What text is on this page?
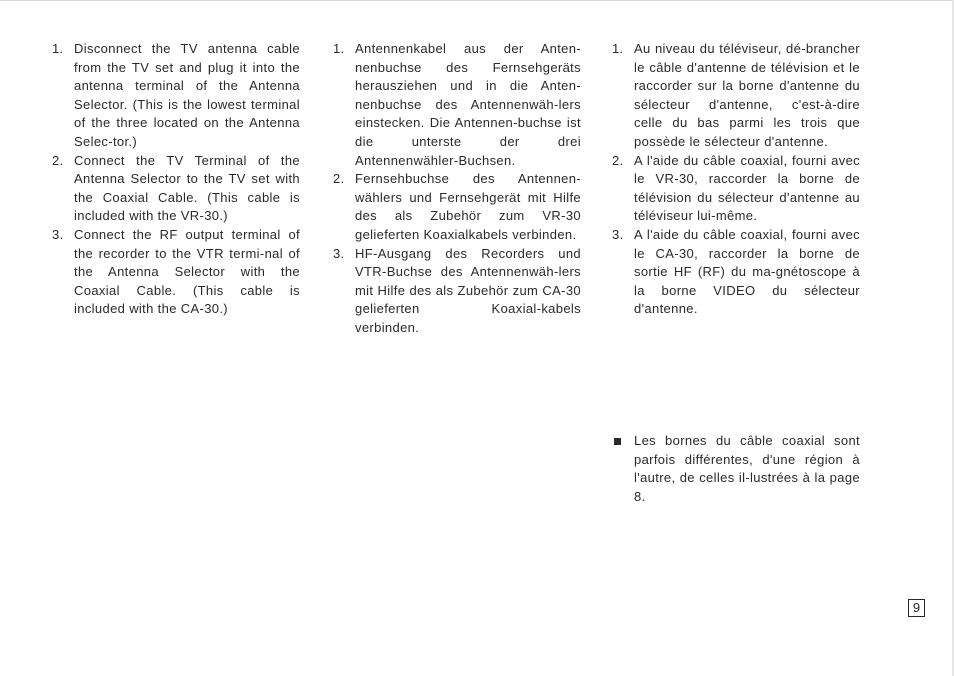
1. Disconnect the TV antenna cable from the TV set and plug it into the antenna terminal of the Antenna Selector. (This is the lowest terminal of the three located on the Antenna Selec-tor.)
2. Connect the TV Terminal of the Antenna Selector to the TV set with the Coaxial Cable. (This cable is included with the VR-30.)
3. Connect the RF output terminal of the recorder to the VTR termi-nal of the Antenna Selector with the Coaxial Cable. (This cable is included with the CA-30.)
1. Antennenkabel aus der Anten-nenbuchse des Fernsehgeräts herausziehen und in die Anten-nenbuchse des Antennenwäh-lers einstecken. Die Antennen-buchse ist die unterste der drei Antennenwähler-Buchsen.
2. Fernsehbuchse des Antennen-wählers und Fernsehgerät mit Hilfe des als Zubehör zum VR-30 gelieferten Koaxialkabels verbinden.
3. HF-Ausgang des Recorders und VTR-Buchse des Antennenwäh-lers mit Hilfe des als Zubehör zum CA-30 gelieferten Koaxial-kabels verbinden.
1. Au niveau du téléviseur, dé-brancher le câble d'antenne de télévision et le raccorder sur la borne d'antenne du sélecteur d'antenne, c'est-à-dire celle du bas parmi les trois que possède le sélecteur d'antenne.
2. A l'aide du câble coaxial, fourni avec le VR-30, raccorder la borne de télévision du sélecteur d'antenne au téléviseur lui-même.
3. A l'aide du câble coaxial, fourni avec le CA-30, raccorder la borne de sortie HF (RF) du ma-gnétoscope à la borne VIDEO du sélecteur d'antenne.
Les bornes du câble coaxial sont parfois différentes, d'une région à l'autre, de celles il-lustrées à la page 8.
9
